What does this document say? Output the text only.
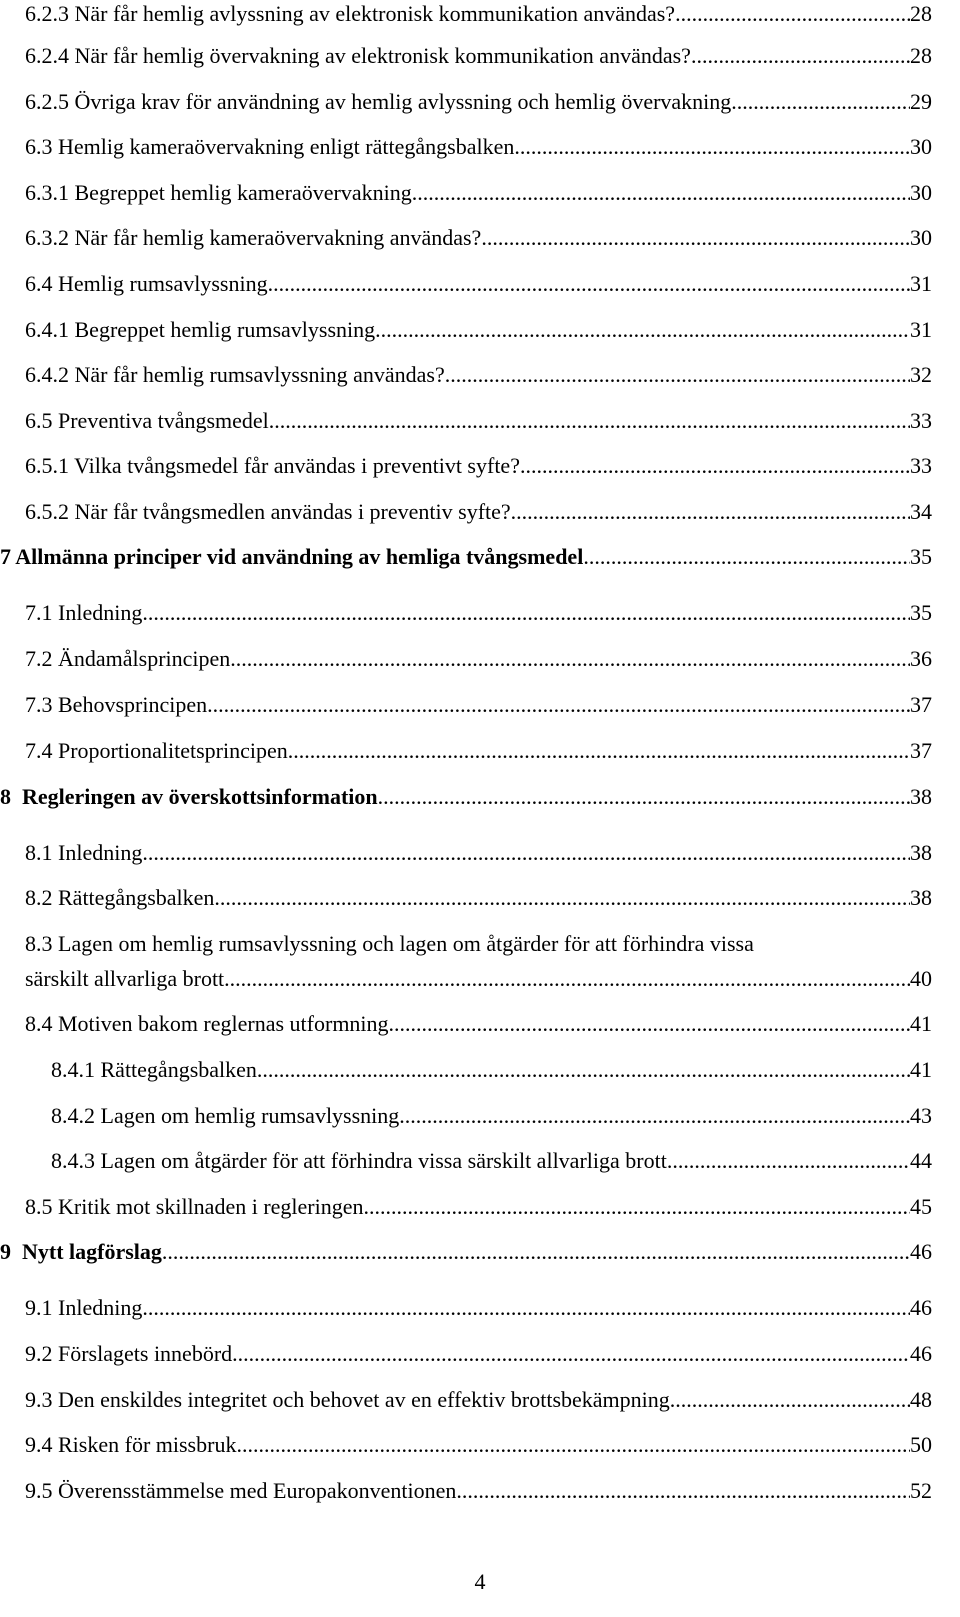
6.2.3 När får hemlig avlyssning av elektronisk kommunikation användas? .....	28
6.2.4 När får hemlig övervakning av elektronisk kommunikation användas? .....	28
6.2.5 Övriga krav för användning av hemlig avlyssning och hemlig övervakning .....	29
6.3 Hemlig kameraövervakning enligt rättegångsbalken .....	30
6.3.1 Begreppet hemlig kameraövervakning .....	30
6.3.2 När får hemlig kameraövervakning användas? .....	30
6.4 Hemlig rumsavlyssning .....	31
6.4.1 Begreppet hemlig rumsavlyssning .....	31
6.4.2 När får hemlig rumsavlyssning användas? .....	32
6.5 Preventiva tvångsmedel .....	33
6.5.1 Vilka tvångsmedel får användas i preventivt syfte? .....	33
6.5.2 När får tvångsmedlen användas i preventiv syfte? .....	34
7 Allmänna principer vid användning av hemliga tvångsmedel .....	35
7.1 Inledning .....	35
7.2 Ändamålsprincipen .....	36
7.3 Behovsprincipen .....	37
7.4 Proportionalitetsprincipen .....	37
8  Regleringen av överskottsinformation .....	38
8.1 Inledning .....	38
8.2 Rättegångsbalken .....	38
8.3 Lagen om hemlig rumsavlyssning och lagen om åtgärder för att förhindra vissa
särskilt allvarliga brott .....	40
8.4 Motiven bakom reglernas utformning .....	41
8.4.1 Rättegångsbalken .....	41
8.4.2 Lagen om hemlig rumsavlyssning .....	43
8.4.3 Lagen om åtgärder för att förhindra vissa särskilt allvarliga brott .....	44
8.5 Kritik mot skillnaden i regleringen .....	45
9  Nytt lagförslag .....	46
9.1 Inledning .....	46
9.2 Förslagets innebörd .....	46
9.3 Den enskildes integritet och behovet av en effektiv brottsbekämpning .....	48
9.4 Risken för missbruk .....	50
9.5 Överensstämmelse med Europakonventionen .....	52
4
